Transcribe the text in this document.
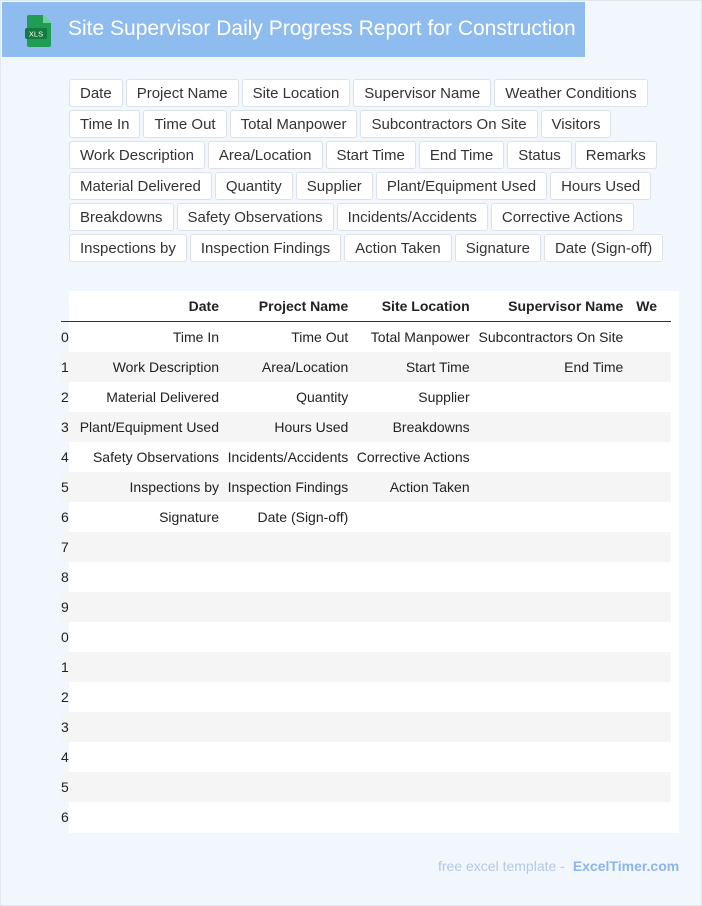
XLS Site Supervisor Daily Progress Report for Construction
Date	Project Name	Site Location	Supervisor Name	Weather Conditions
Time In	Time Out	Total Manpower	Subcontractors On Site	Visitors
Work Description	Area/Location	Start Time	End Time	Status	Remarks
Material Delivered	Quantity	Supplier	Plant/Equipment Used	Hours Used
Breakdowns	Safety Observations	Incidents/Accidents	Corrective Actions
Inspections by	Inspection Findings	Action Taken	Signature	Date (Sign-off)
	Date	Project Name	Site Location	Supervisor Name	We
0	Time In	Time Out	Total Manpower	Subcontractors On Site	
1	Work Description	Area/Location	Start Time	End Time	
2	Material Delivered	Quantity	Supplier		
3	Plant/Equipment Used	Hours Used	Breakdowns		
4	Safety Observations	Incidents/Accidents	Corrective Actions		
5	Inspections by	Inspection Findings	Action Taken		
6	Signature	Date (Sign-off)			
7					
8					
9					
0					
1					
2					
3					
4					
5					
6					
free excel template - ExcelTimer.com
